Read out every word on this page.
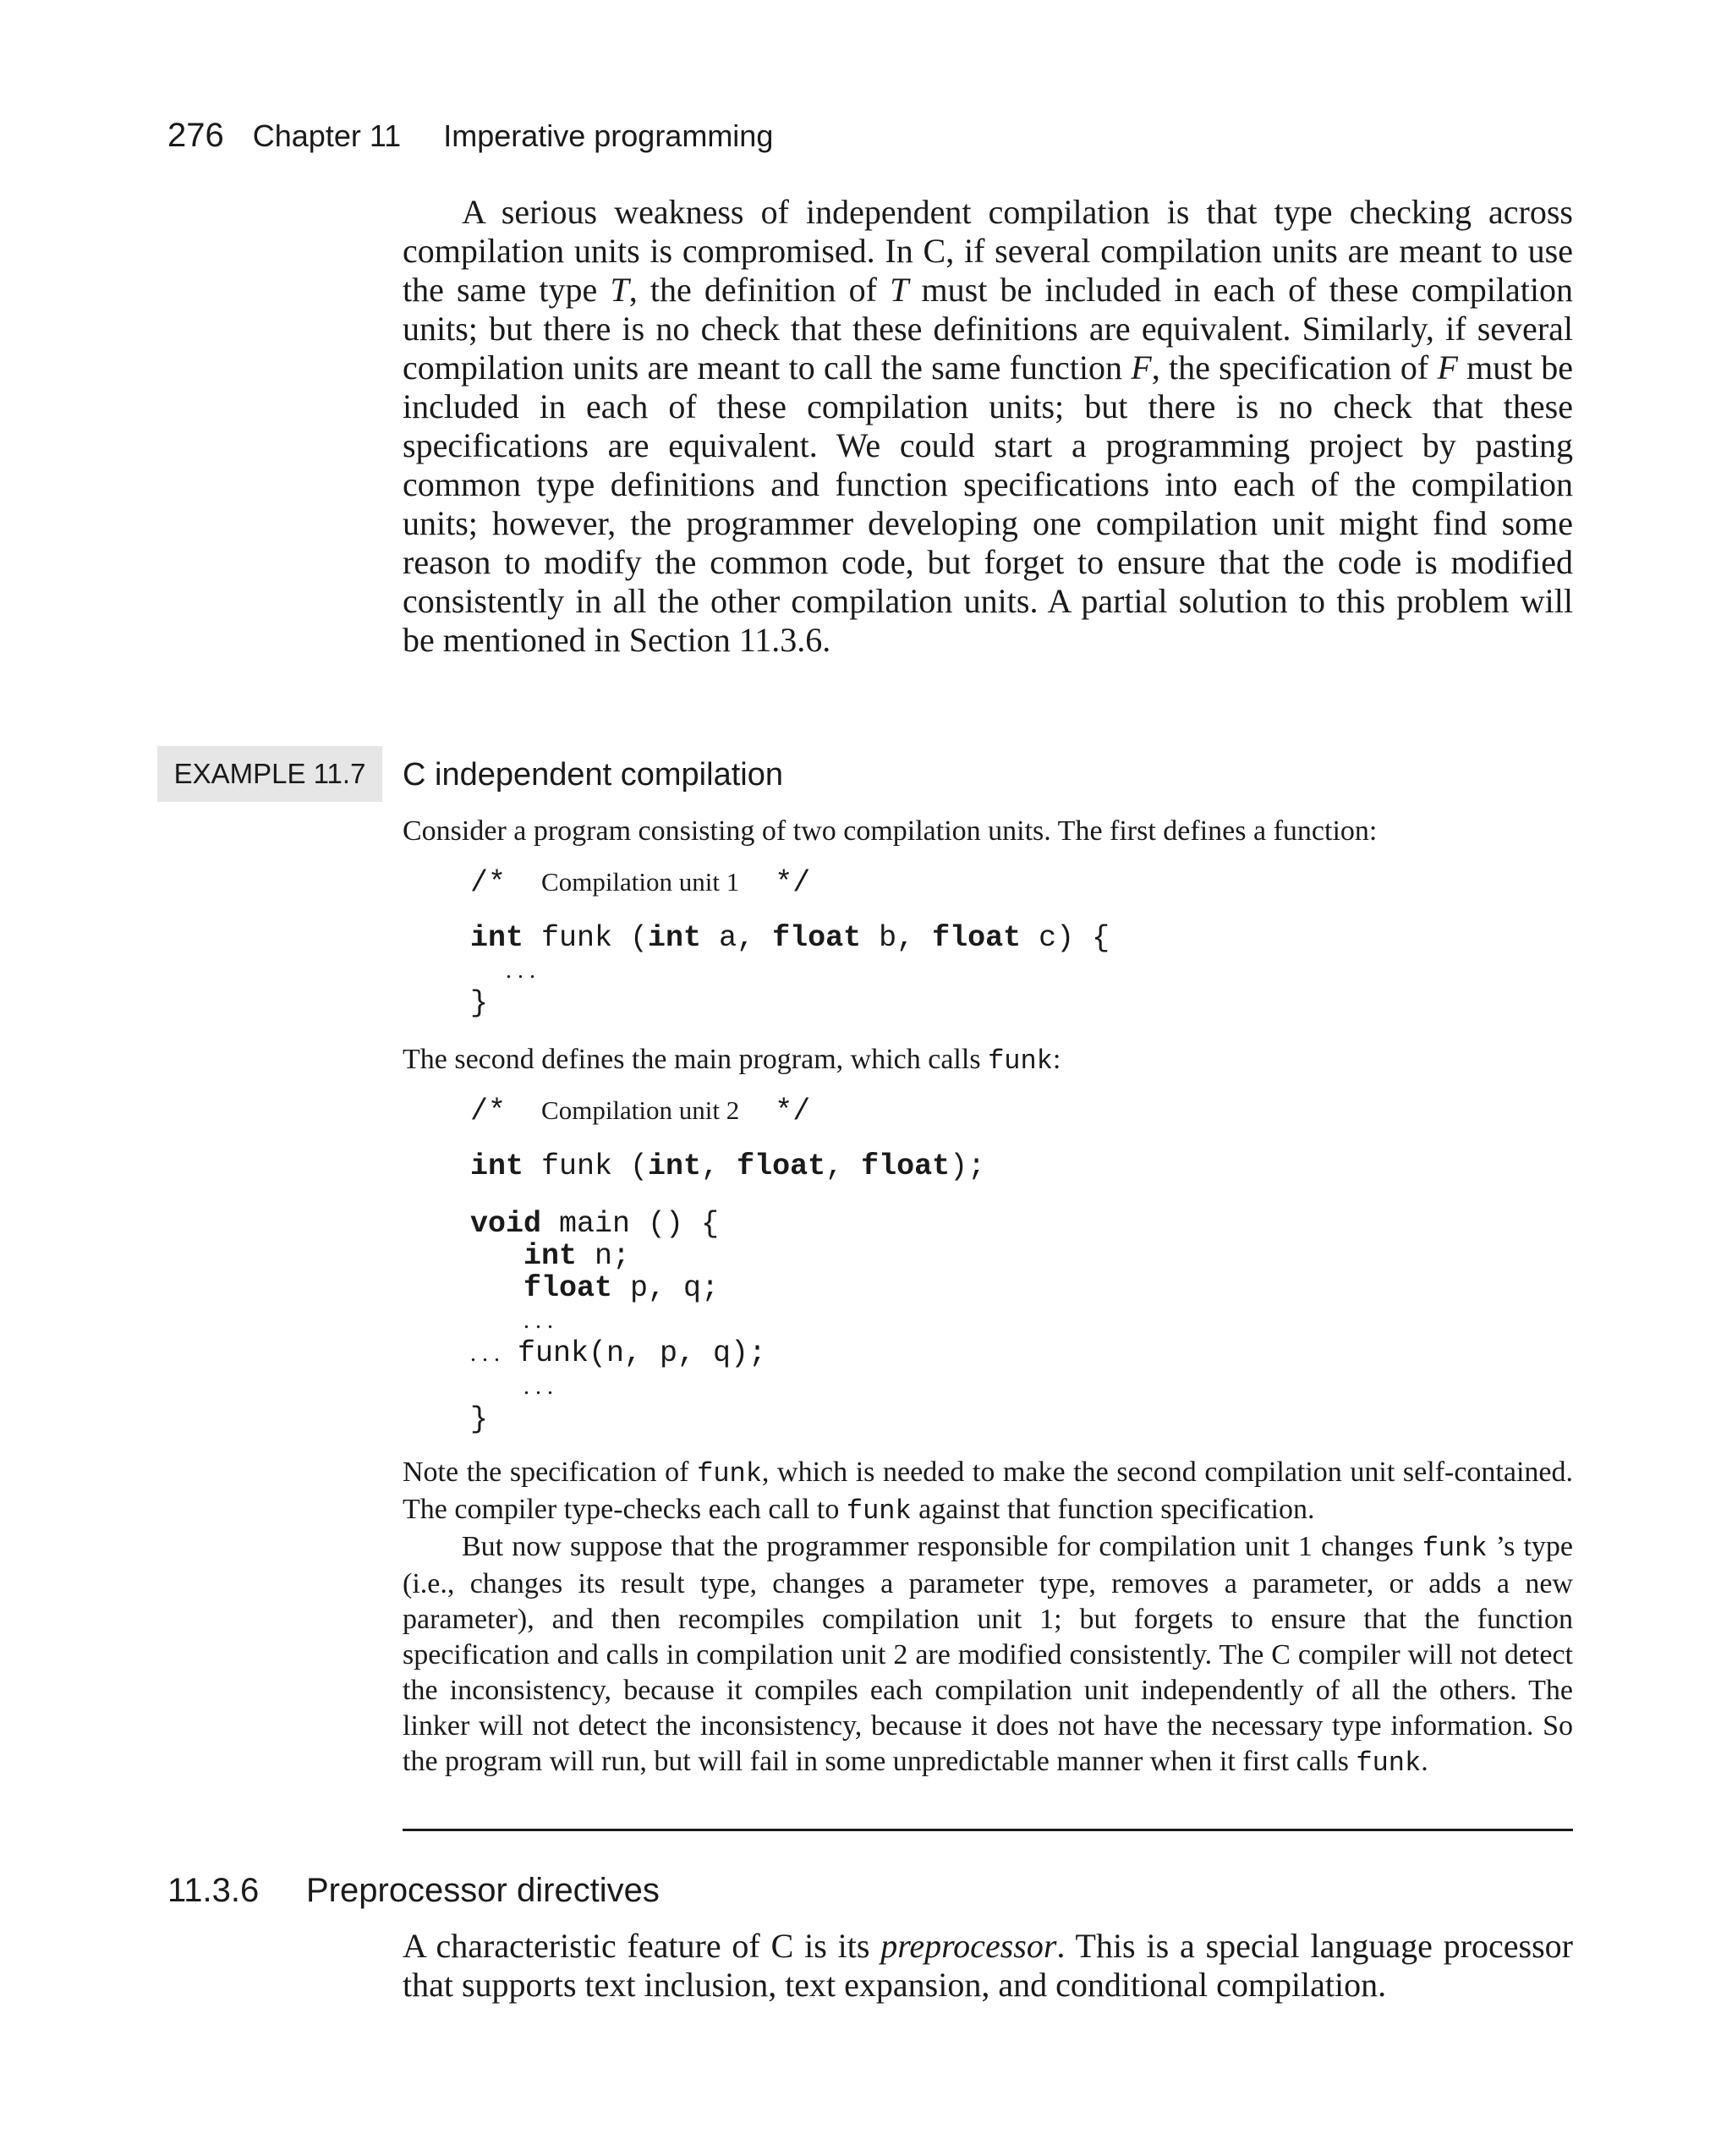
276 Chapter 11 Imperative programming

A serious weakness of independent compilation is that type checking across compilation units is compromised. In C, if several compilation units are meant to use the same type T, the definition of T must be included in each of these compilation units; but there is no check that these definitions are equivalent. Similarly, if several compilation units are meant to call the same function F, the specification of F must be included in each of these compilation units; but there is no check that these specifications are equivalent. We could start a programming project by pasting common type definitions and function specifications into each of the compilation units; however, the programmer developing one compilation unit might find some reason to modify the common code, but forget to ensure that the code is modified consistently in all the other compilation units. A partial solution to this problem will be mentioned in Section 11.3.6.

EXAMPLE 11.7	C independent compilation

Consider a program consisting of two compilation units. The first defines a function:

/* Compilation unit 1 */
int funk (int a, float b, float c) {
. . .
}

The second defines the main program, which calls funk:

/* Compilation unit 2 */
int funk (int, float, float);
void main () {
int n;
float p, q;
. . .
. . . funk(n, p, q);
. . .
}

Note the specification of funk, which is needed to make the second compilation unit self-contained. The compiler type-checks each call to funk against that function specification.

But now suppose that the programmer responsible for compilation unit 1 changes funk ’s type (i.e., changes its result type, changes a parameter type, removes a parameter, or adds a new parameter), and then recompiles compilation unit 1; but forgets to ensure that the function specification and calls in compilation unit 2 are modified consistently. The C compiler will not detect the inconsistency, because it compiles each compilation unit independently of all the others. The linker will not detect the inconsistency, because it does not have the necessary type information. So the program will run, but will fail in some unpredictable manner when it first calls funk.

11.3.6 Preprocessor directives

A characteristic feature of C is its preprocessor. This is a special language processor that supports text inclusion, text expansion, and conditional compilation.
